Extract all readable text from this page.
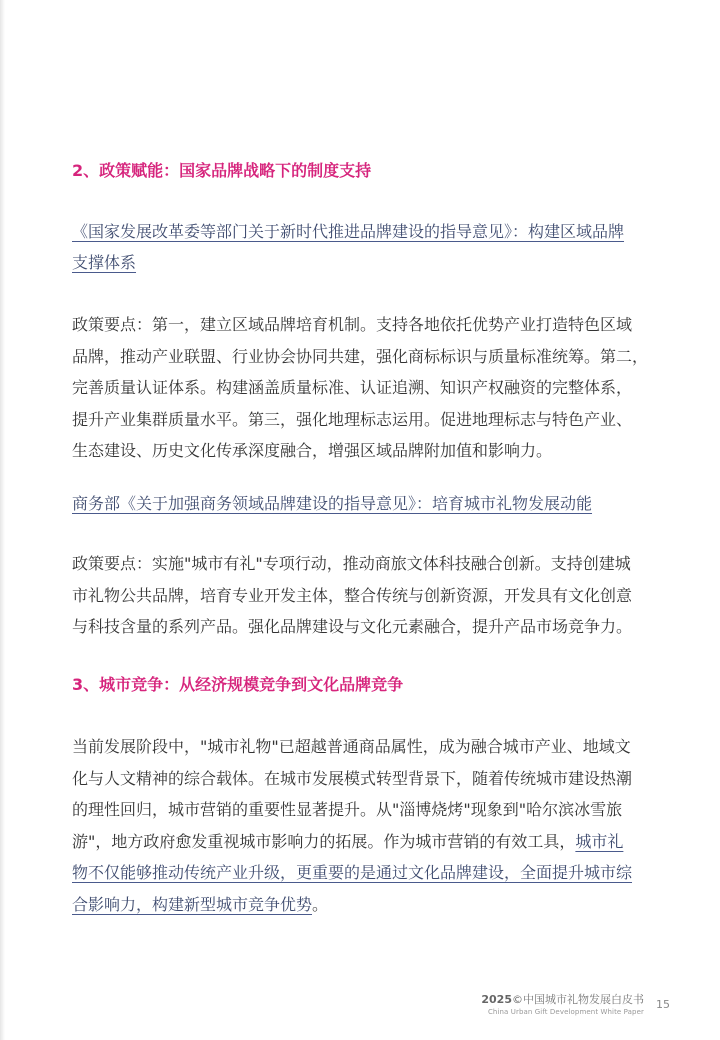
2、政策赋能：国家品牌战略下的制度支持

《国家发展改革委等部门关于新时代推进品牌建设的指导意见》：构建区域品牌
支撑体系
政策要点：第一，建立区域品牌培育机制。支持各地依托优势产业打造特色区域
品牌，推动产业联盟、行业协会协同共建，强化商标标识与质量标准统筹。第二，
完善质量认证体系。构建涵盖质量标准、认证追溯、知识产权融资的完整体系，
提升产业集群质量水平。第三，强化地理标志运用。促进地理标志与特色产业、
生态建设、历史文化传承深度融合，增强区域品牌附加值和影响力。
商务部《关于加强商务领域品牌建设的指导意见》：培育城市礼物发展动能
政策要点：实施"城市有礼"专项行动，推动商旅文体科技融合创新。支持创建城
市礼物公共品牌，培育专业开发主体，整合传统与创新资源，开发具有文化创意
与科技含量的系列产品。强化品牌建设与文化元素融合，提升产品市场竞争力。

3、城市竞争：从经济规模竞争到文化品牌竞争

当前发展阶段中，"城市礼物"已超越普通商品属性，成为融合城市产业、地域文
化与人文精神的综合载体。在城市发展模式转型背景下，随着传统城市建设热潮
的理性回归，城市营销的重要性显著提升。从"淄博烧烤"现象到"哈尔滨冰雪旅
游"，地方政府愈发重视城市影响力的拓展。作为城市营销的有效工具，城市礼
物不仅能够推动传统产业升级，更重要的是通过文化品牌建设，全面提升城市综
合影响力，构建新型城市竞争优势。
2025©中国城市礼物发展白皮书
China Urban Gift Development White Paper
15
